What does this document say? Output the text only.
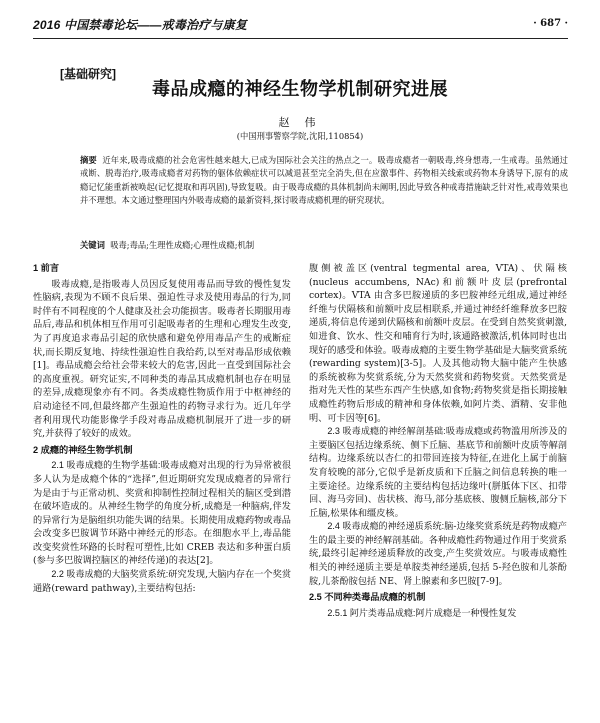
2016 中国禁毒论坛——戒毒治疗与康复	· 687 ·
[基础研究]
毒品成瘾的神经生物学机制研究进展
赵 伟
(中国刑事警察学院,沈阳,110854)
摘要 近年来,吸毒成瘾的社会危害性越来越大,已成为国际社会关注的热点之一。吸毒成瘾者一朝吸毒,终身想毒,一生戒毒。虽然通过戒断、脱毒治疗,吸毒成瘾者对药物的躯体依赖症状可以减退甚至完全消失,但在应激事件、药物相关线索或药物本身诱导下,原有的成瘾记忆能重新被唤起(记忆提取和再巩固),导致复吸。由于吸毒成瘾的具体机制尚未阐明,因此导致各种戒毒措施缺乏针对性,戒毒效果也并不理想。本文通过整理国内外吸毒成瘾的最新资料,探讨吸毒成瘾机理的研究现状。
关键词 吸毒;毒品;生理性成瘾;心理性成瘾;机制
1 前言

吸毒成瘾,是指吸毒人员因反复使用毒品而导致的慢性复发性脑病,表现为不顾不良后果、强迫性寻求及使用毒品的行为,同时伴有不同程度的个人健康及社会功能损害。吸毒者长期服用毒品后,毒品和机体相互作用可引起吸毒者的生理和心理发生改变,为了再度追求毒品引起的欣快感和避免停用毒品产生的戒断症状,而长期反复地、持续性强迫性自我给药,以至对毒品形成依赖[1]。毒品成瘾会给社会带来较大的危害,因此一直受到国际社会的高度重视。研究证实,不同种类的毒品其成瘾机制也存在明显的差异,成瘾现象亦有不同。各类成瘾性物质作用于中枢神经的启动途径不同,但最终都产生强迫性的药物寻求行为。近几年学者利用现代功能影像学手段对毒品成瘾机制展开了进一步的研究,并获得了较好的成效。

2 成瘾的神经生物学机制

2.1 吸毒成瘾的生物学基础:吸毒成瘾对出现的行为异常被很多人认为是成瘾个体的“选择”,但近期研究发现成瘾者的异常行为是由于与正常动机、奖赏和抑制性控制过程相关的脑区受到潜在破坏造成的。从神经生物学的角度分析,成瘾是一种脑病,伴发的异常行为是脑组织功能失调的结果。长期使用成瘾药物或毒品会改变多巴胺调节环路中神经元的形态。在细胞水平上,毒品能改变奖赏性环路的长时程可塑性,比如 CREB 表达和多种蛋白质(参与多巴胺调控脑区的神经传递)的表达[2]。

2.2 吸毒成瘾的大脑奖赏系统:研究发现,大脑内存在一个奖赏通路(reward pathway),主要结构包括:

腹侧被盖区(ventral tegmental area, VTA)、伏隔核(nucleus accumbens, NAc)和前额叶皮层(prefrontal cortex)。VTA 由含多巴胺递质的多巴胺神经元组成,通过神经纤维与伏隔核和前额叶皮层相联系,并通过神经纤维释放多巴胺递质,将信息传递到伏隔核和前额叶皮层。在受到自然奖赏刺激,如进食、饮水、性交和哺育行为时,该通路被激活,机体同时也出现好的感受和体验。吸毒成瘾的主要生物学基础是大脑奖赏系统(rewarding system)[3-5]。人及其他动物大脑中能产生快感的系统被称为奖赏系统,分为天然奖赏和药物奖赏。天然奖赏是指对先天性的某些东西产生快感,如食物;药物奖赏是指长期接触成瘾性药物后形成的精神和身体依赖,如阿片类、酒精、安非他明、可卡因等[6]。

2.3 吸毒成瘾的神经解剖基础:吸毒成瘾或药物滥用所涉及的主要脑区包括边缘系统、侧下丘脑、基底节和前额叶皮质等解剖结构。边缘系统以杏仁的扣带回连接为特征,在进化上属于前脑发育较晚的部分,它似乎是新皮质和下丘脑之间信息转换的唯一主要途径。边缘系统的主要结构包括边缘叶(胼胝体下区、扣带回、海马旁回)、齿状核、海马,部分基底核、腹侧丘脑核,部分下丘脑,松果体和缰皮核。

2.4 吸毒成瘾的神经递质系统:脑-边缘奖赏系统是药物成瘾产生的最主要的神经解剖基础。各种成瘾性药物通过作用于奖赏系统,最终引起神经递质释放的改变,产生奖赏效应。与吸毒成瘾性相关的神经递质主要是单胺类神经递质,包括 5-羟色胺和儿茶酚胺,儿茶酚胺包括 NE、肾上腺素和多巴胺[7-9]。

2.5 不同种类毒品成瘾的机制

2.5.1 阿片类毒品成瘾:阿片成瘾是一种慢性复发
